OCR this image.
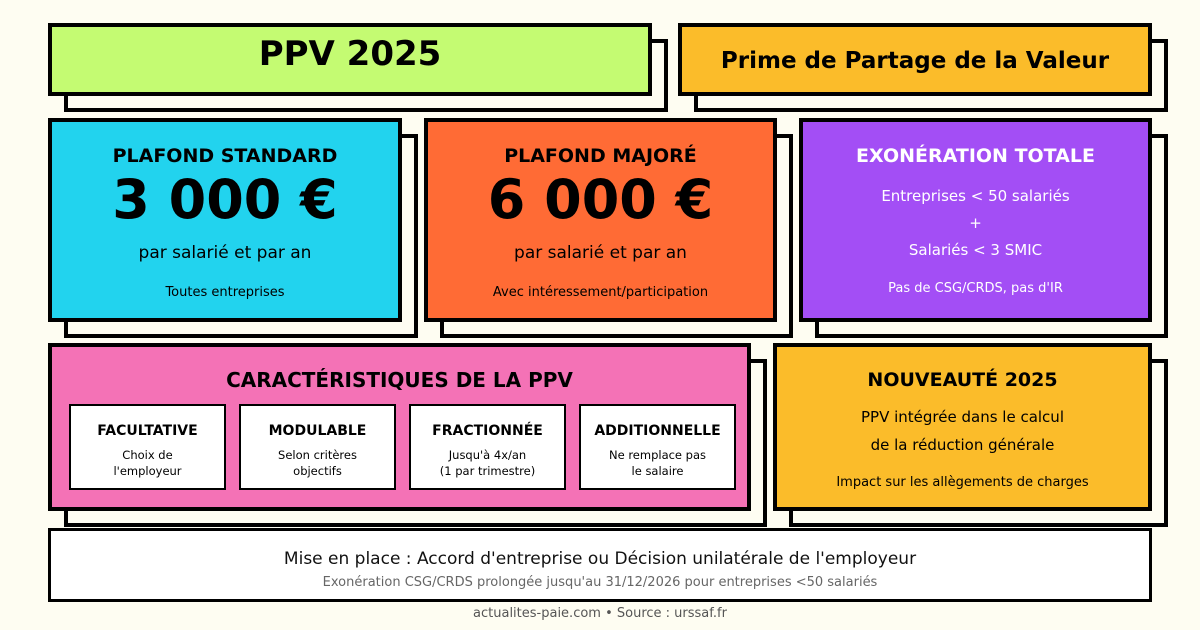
PPV 2025	Prime de Partage de la Valeur
PLAFOND STANDARD
3 000 €
par salarié et par an
Toutes entreprises
PLAFOND MAJORÉ
6 000 €
par salarié et par an
Avec intéressement/participation
EXONÉRATION TOTALE
Entreprises < 50 salariés
+
Salariés < 3 SMIC
Pas de CSG/CRDS, pas d'IR
CARACTÉRISTIQUES DE LA PPV
FACULTATIVE
Choix de
l'employeur
MODULABLE
Selon critères
objectifs
FRACTIONNÉE
Jusqu'à 4x/an
(1 par trimestre)
ADDITIONNELLE
Ne remplace pas
le salaire
NOUVEAUTÉ 2025
PPV intégrée dans le calcul
de la réduction générale
Impact sur les allègements de charges
Mise en place : Accord d'entreprise ou Décision unilatérale de l'employeur
Exonération CSG/CRDS prolongée jusqu'au 31/12/2026 pour entreprises <50 salariés
actualites-paie.com • Source : urssaf.fr
